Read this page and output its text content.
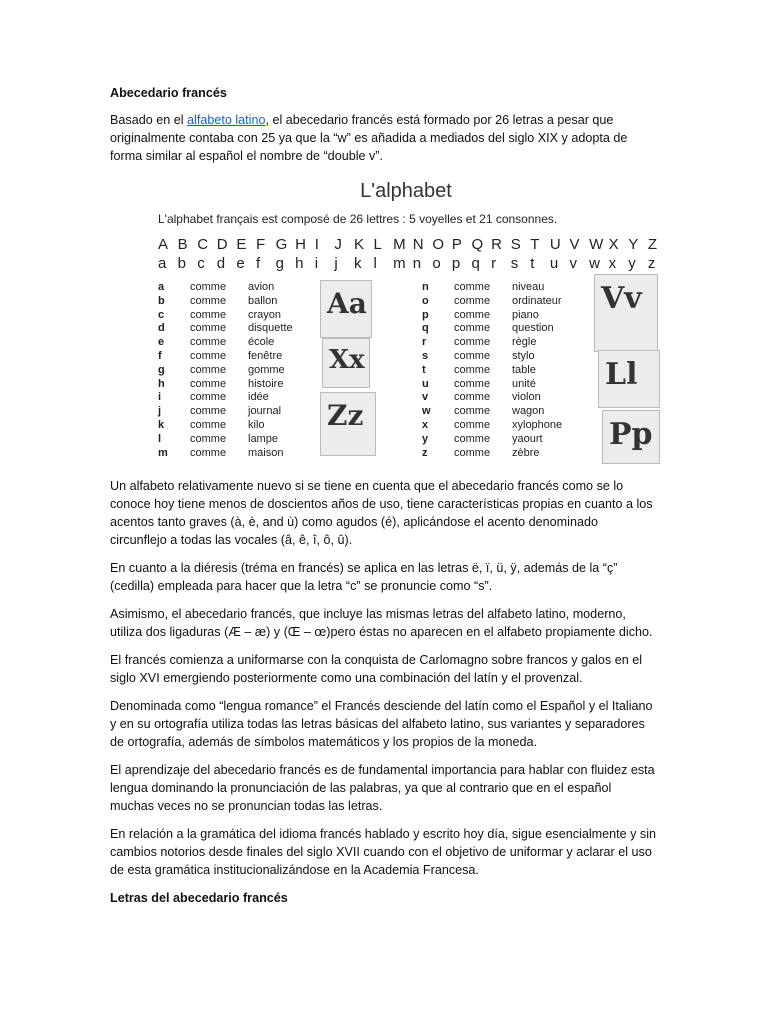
Abecedario francés

Basado en el alfabeto latino, el abecedario francés está formado por 26 letras a pesar que originalmente contaba con 25 ya que la “w” es añadida a mediados del siglo XIX y adopta de forma similar al español el nombre de “double v”.

L'alphabet
L'alphabet français est composé de 26 lettres : 5 voyelles et 21 consonnes.
A B C D E F G H I	J K L M N O P Q R S T U V W X Y Z
a b c d e f	g h i	j	k l	m n o p q r s t	u v w x y z
a comme avion
b comme ballon
c comme crayon
d comme disquette
e comme école
f	comme fenêtre
g comme gomme
h comme histoire
i	comme idée
j	comme journal
k comme kilo
l	comme lampe
m comme maison
n comme niveau
o comme ordinateur
p comme piano
q comme question
r	comme règle
s comme stylo
t	comme table
u comme unité
v comme violon
w comme wagon
x comme xylophone
y comme yaourt
z comme zèbre
Aa
Xx
Zz
Vv
Ll
Pp

Un alfabeto relativamente nuevo si se tiene en cuenta que el abecedario francés como se lo conoce hoy tiene menos de doscientos años de uso, tiene características propias en cuanto a los acentos tanto graves (à, è, and ù) como agudos (é), aplicándose el acento denominado circunflejo a todas las vocales (â, ê, î, ô, û).

En cuanto a la diéresis (tréma en francés) se aplica en las letras ë, ï, ü, ÿ, además de la “ç” (cedilla) empleada para hacer que la letra “c” se pronuncie como “s”.

Asimismo, el abecedario francés, que incluye las mismas letras del alfabeto latino, moderno, utiliza dos ligaduras (Æ – æ) y (Œ – œ)pero éstas no aparecen en el alfabeto propiamente dicho.

El francés comienza a uniformarse con la conquista de Carlomagno sobre francos y galos en el siglo XVI emergiendo posteriormente como una combinación del latín y el provenzal.

Denominada como “lengua romance” el Francés desciende del latín como el Español y el Italiano y en su ortografía utiliza todas las letras básicas del alfabeto latino, sus variantes y separadores de ortografía, además de símbolos matemáticos y los propios de la moneda.

El aprendizaje del abecedario francés es de fundamental importancia para hablar con fluidez esta lengua dominando la pronunciación de las palabras, ya que al contrario que en el español muchas veces no se pronuncian todas las letras.

En relación a la gramática del idioma francés hablado y escrito hoy día, sigue esencialmente y sin cambios notorios desde finales del siglo XVII cuando con el objetivo de uniformar y aclarar el uso de esta gramática institucionalizándose en la Academia Francesa.

Letras del abecedario francés
